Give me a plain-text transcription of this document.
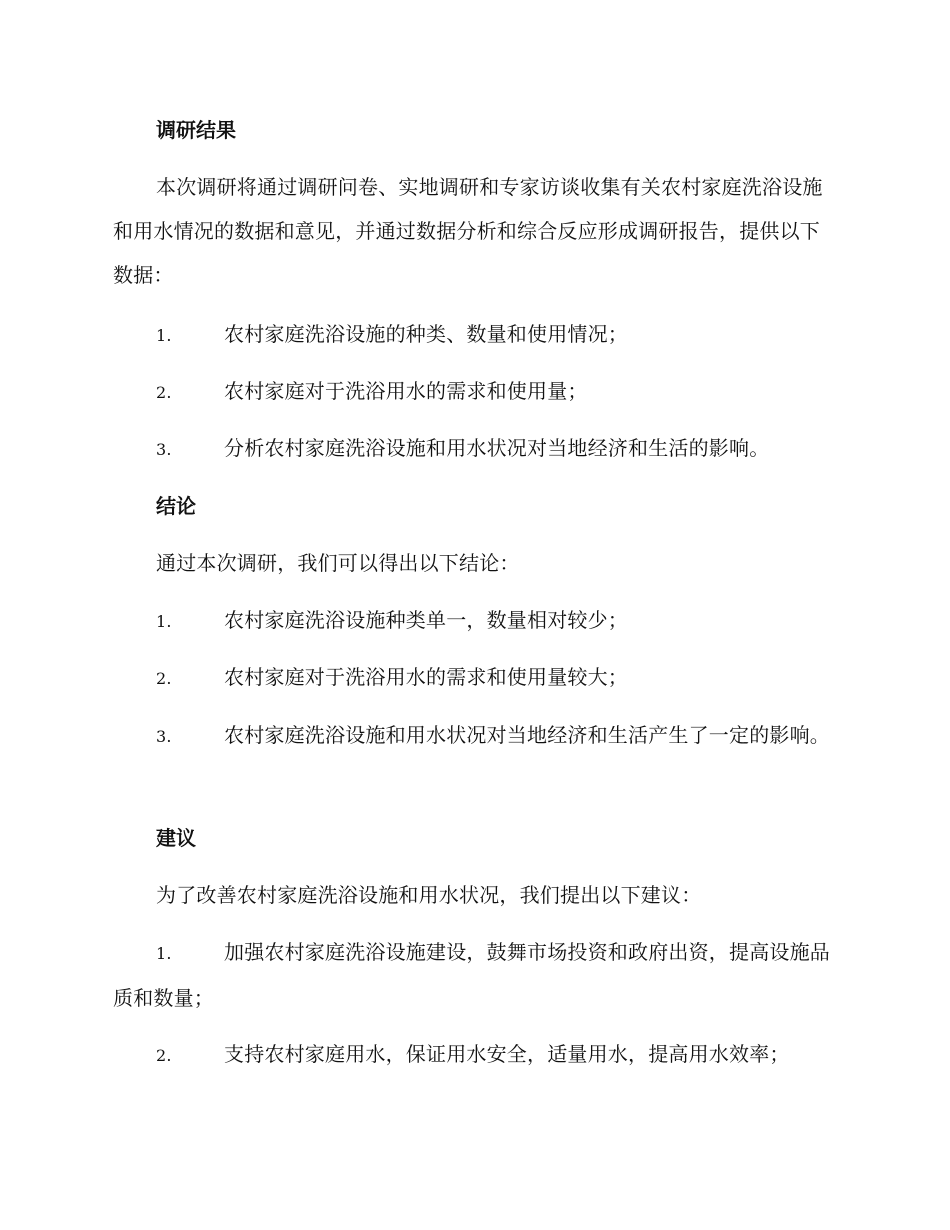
调研结果

本次调研将通过调研问卷、实地调研和专家访谈收集有关农村家庭洗浴设施和用水情况的数据和意见，并通过数据分析和综合反应形成调研报告，提供以下数据：

1.	农村家庭洗浴设施的种类、数量和使用情况；

2.	农村家庭对于洗浴用水的需求和使用量；

3.	分析农村家庭洗浴设施和用水状况对当地经济和生活的影响。

结论

通过本次调研，我们可以得出以下结论：

1.	农村家庭洗浴设施种类单一，数量相对较少；

2.	农村家庭对于洗浴用水的需求和使用量较大；

3.	农村家庭洗浴设施和用水状况对当地经济和生活产生了一定的影响。

建议

为了改善农村家庭洗浴设施和用水状况，我们提出以下建议：

1.	加强农村家庭洗浴设施建设，鼓舞市场投资和政府出资，提高设施品质和数量；

2.	支持农村家庭用水，保证用水安全，适量用水，提高用水效率；
